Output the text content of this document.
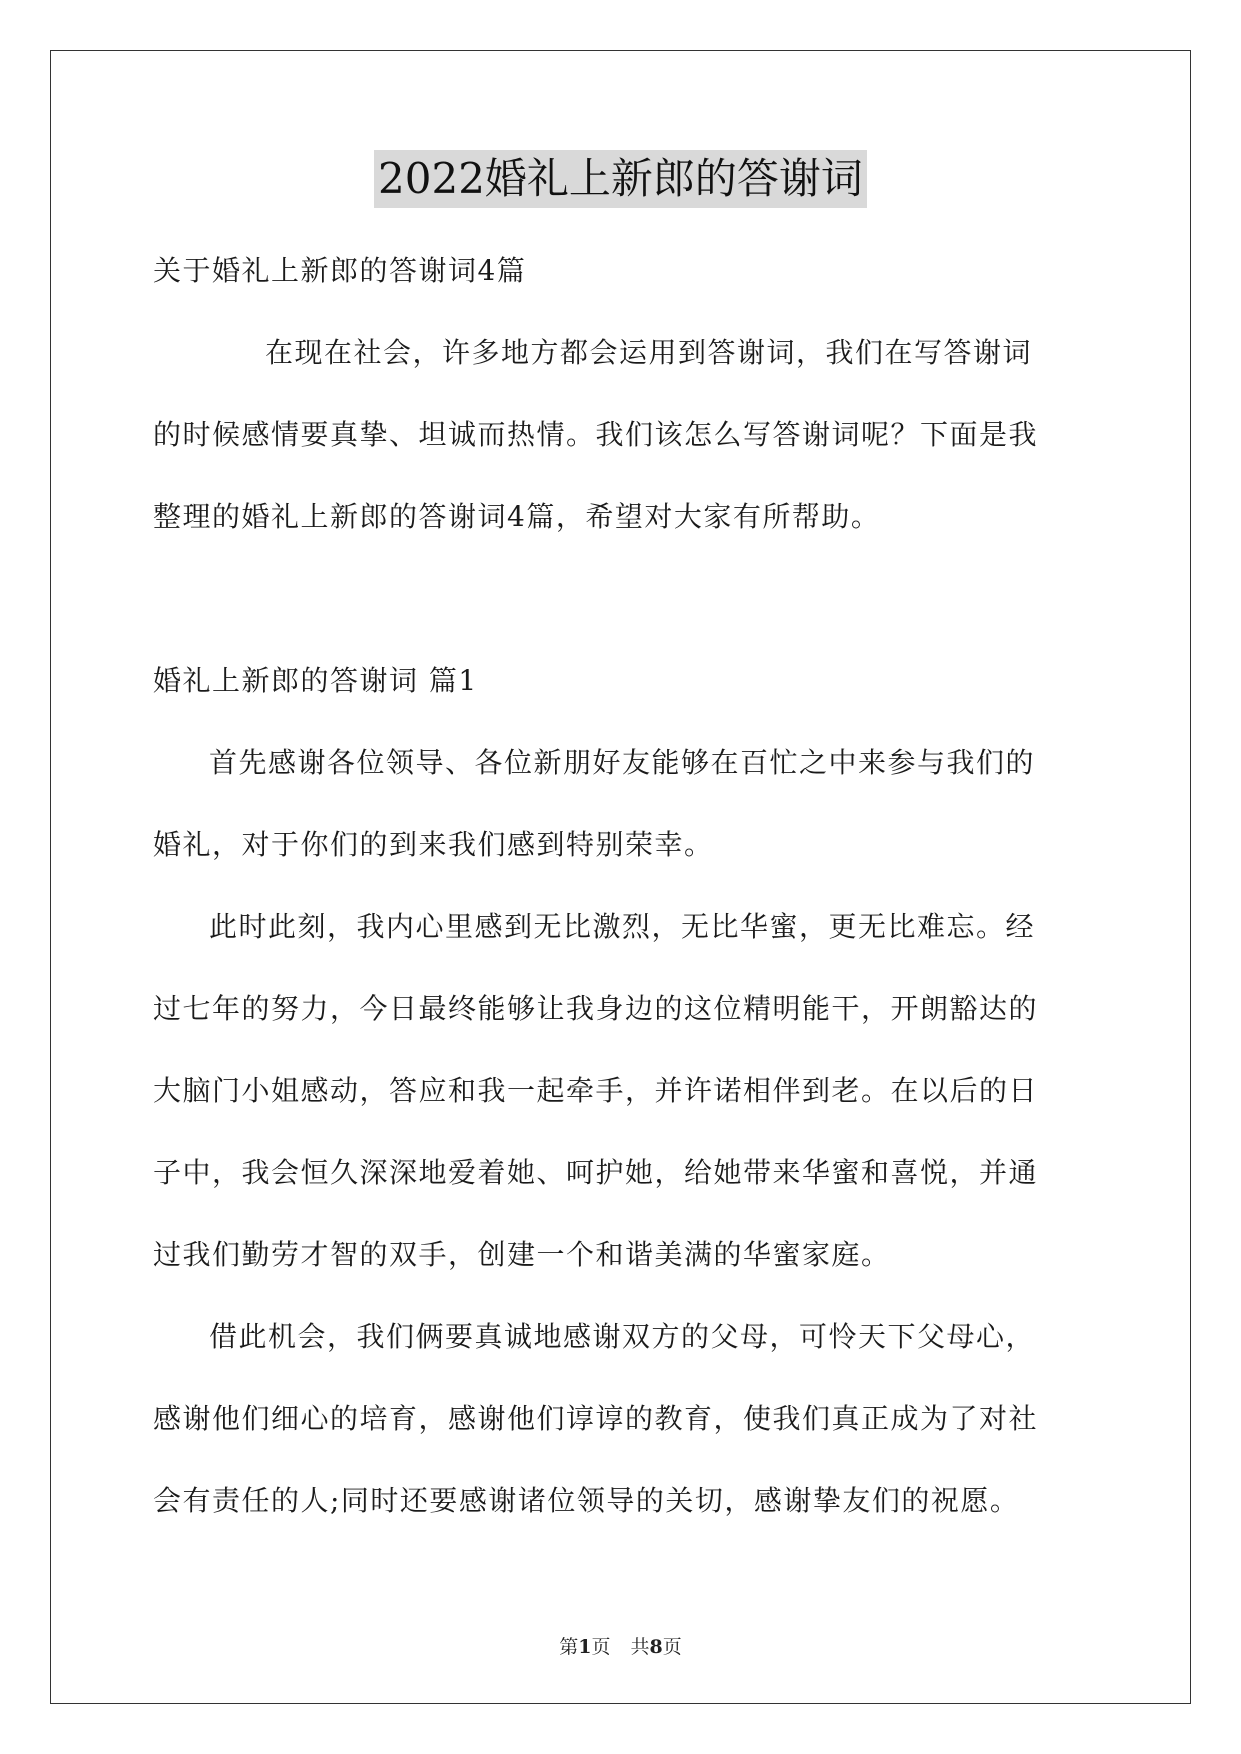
2022婚礼上新郎的答谢词
关于婚礼上新郎的答谢词4篇
在现在社会，许多地方都会运用到答谢词，我们在写答谢词
的时候感情要真挚、坦诚而热情。我们该怎么写答谢词呢？下面是我
整理的婚礼上新郎的答谢词4篇，希望对大家有所帮助。
婚礼上新郎的答谢词 篇1
首先感谢各位领导、各位新朋好友能够在百忙之中来参与我们的
婚礼，对于你们的到来我们感到特别荣幸。
此时此刻，我内心里感到无比激烈，无比华蜜，更无比难忘。经
过七年的努力，今日最终能够让我身边的这位精明能干，开朗豁达的
大脑门小姐感动，答应和我一起牵手，并许诺相伴到老。在以后的日
子中，我会恒久深深地爱着她、呵护她，给她带来华蜜和喜悦，并通
过我们勤劳才智的双手，创建一个和谐美满的华蜜家庭。
借此机会，我们俩要真诚地感谢双方的父母，可怜天下父母心，
感谢他们细心的培育，感谢他们谆谆的教育，使我们真正成为了对社
会有责任的人;同时还要感谢诸位领导的关切，感谢挚友们的祝愿。
第1页 共8页
